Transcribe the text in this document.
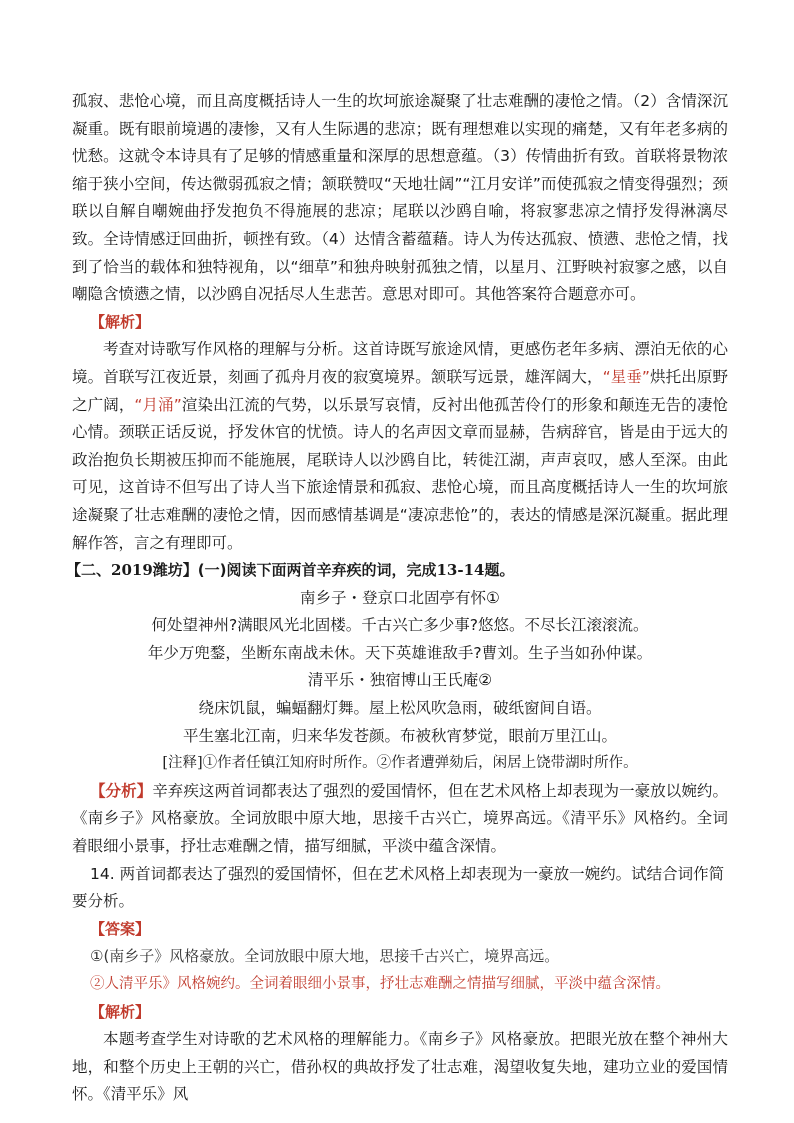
孤寂、悲怆心境，而且高度概括诗人一生的坎坷旅途凝聚了壮志难酬的凄怆之情。（2）含情深沉凝重。既有眼前境遇的凄惨，又有人生际遇的悲凉；既有理想难以实现的痛楚，又有年老多病的忧愁。这就令本诗具有了足够的情感重量和深厚的思想意蕴。（3）传情曲折有致。首联将景物浓缩于狭小空间，传达微弱孤寂之情；颔联赞叹“天地壮阔”“江月安详”而使孤寂之情变得强烈；颈联以自解自嘲婉曲抒发抱负不得施展的悲凉；尾联以沙鸥自喻，将寂寥悲凉之情抒发得淋漓尽致。全诗情感迂回曲折，顿挫有致。（4）达情含蓄蕴藉。诗人为传达孤寂、愤懑、悲怆之情，找到了恰当的载体和独特视角，以“细草”和独舟映射孤独之情，以星月、江野映衬寂寥之感，以自嘲隐含愤懑之情，以沙鸥自况括尽人生悲苦。意思对即可。其他答案符合题意亦可。

【解析】

考查对诗歌写作风格的理解与分析。这首诗既写旅途风情，更感伤老年多病、漂泊无依的心境。首联写江夜近景，刻画了孤舟月夜的寂寞境界。颔联写远景，雄浑阔大，“星垂”烘托出原野之广阔，“月涌”渲染出江流的气势，以乐景写哀情，反衬出他孤苦伶仃的形象和颠连无告的凄怆心情。颈联正话反说，抒发休官的忧愤。诗人的名声因文章而显赫，告病辞官，皆是由于远大的政治抱负长期被压抑而不能施展，尾联诗人以沙鸥自比，转徙江湖，声声哀叹，感人至深。由此可见，这首诗不但写出了诗人当下旅途情景和孤寂、悲怆心境，而且高度概括诗人一生的坎坷旅途凝聚了壮志难酬的凄怆之情，因而感情基调是“凄凉悲怆”的，表达的情感是深沉凝重。据此理解作答，言之有理即可。

【二、2019潍坊】(一)阅读下面两首辛弃疾的词，完成13-14题。

南乡子・登京口北固亭有怀①

何处望神州?满眼风光北固楼。千古兴亡多少事?悠悠。不尽长江滚滚流。

年少万兜鍪，坐断东南战未休。天下英雄谁敌手?曹刘。生子当如孙仲谋。

清平乐・独宿博山王氏庵②

绕床饥鼠，蝙蝠翻灯舞。屋上松风吹急雨，破纸窗间自语。

平生塞北江南，归来华发苍颜。布被秋宵梦觉，眼前万里江山。

[注释]①作者任镇江知府时所作。②作者遭弹劾后，闲居上饶带湖时所作。

【分析】辛弃疾这两首词都表达了强烈的爱国情怀，但在艺术风格上却表现为一豪放以婉约。《南乡子》风格豪放。全词放眼中原大地，思接千古兴亡，境界高远。《清平乐》风格约。全词着眼细小景事，抒壮志难酬之情，描写细腻，平淡中蕴含深情。

14. 两首词都表达了强烈的爱国情怀，但在艺术风格上却表现为一豪放一婉约。试结合词作简要分析。

【答案】

①(南乡子》风格豪放。全词放眼中原大地，思接千古兴亡，境界高远。

②人清平乐》风格婉约。全词着眼细小景事，抒壮志难酬之情描写细腻，平淡中蕴含深情。

【解析】

本题考查学生对诗歌的艺术风格的理解能力。《南乡子》风格豪放。把眼光放在整个神州大地，和整个历史上王朝的兴亡，借孙权的典故抒发了壮志难，渴望收复失地，建功立业的爱国情怀。《清平乐》风
